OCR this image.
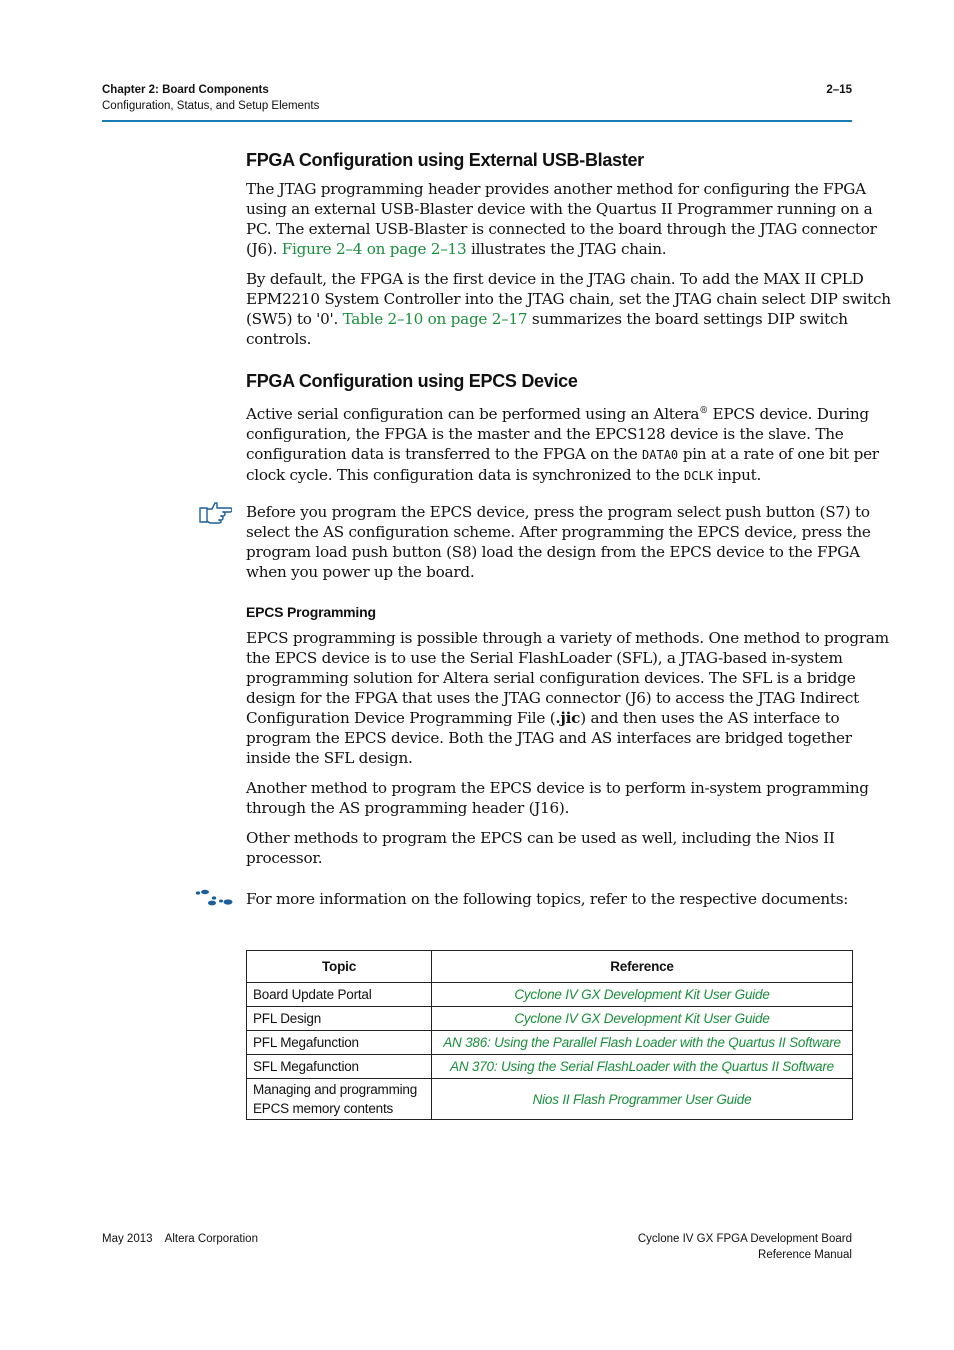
Chapter 2: Board Components
Configuration, Status, and Setup Elements
2–15
FPGA Configuration using External USB-Blaster

The JTAG programming header provides another method for configuring the FPGA
using an external USB-Blaster device with the Quartus II Programmer running on a
PC. The external USB-Blaster is connected to the board through the JTAG connector
(J6). Figure 2–4 on page 2–13 illustrates the JTAG chain.

By default, the FPGA is the first device in the JTAG chain. To add the MAX II CPLD
EPM2210 System Controller into the JTAG chain, set the JTAG chain select DIP switch
(SW5) to '0'. Table 2–10 on page 2–17 summarizes the board settings DIP switch
controls.

FPGA Configuration using EPCS Device

Active serial configuration can be performed using an Altera® EPCS device. During
configuration, the FPGA is the master and the EPCS128 device is the slave. The
configuration data is transferred to the FPGA on the DATA0 pin at a rate of one bit per
clock cycle. This configuration data is synchronized to the DCLK input.

Before you program the EPCS device, press the program select push button (S7) to
select the AS configuration scheme. After programming the EPCS device, press the
program load push button (S8) load the design from the EPCS device to the FPGA
when you power up the board.

EPCS Programming

EPCS programming is possible through a variety of methods. One method to program
the EPCS device is to use the Serial FlashLoader (SFL), a JTAG-based in-system
programming solution for Altera serial configuration devices. The SFL is a bridge
design for the FPGA that uses the JTAG connector (J6) to access the JTAG Indirect
Configuration Device Programming File (.jic) and then uses the AS interface to
program the EPCS device. Both the JTAG and AS interfaces are bridged together
inside the SFL design.

Another method to program the EPCS device is to perform in-system programming
through the AS programming header (J16).

Other methods to program the EPCS can be used as well, including the Nios II
processor.

For more information on the following topics, refer to the respective documents:

Topic	Reference
Board Update Portal	Cyclone IV GX Development Kit User Guide
PFL Design	Cyclone IV GX Development Kit User Guide
PFL Megafunction	AN 386: Using the Parallel Flash Loader with the Quartus II Software
SFL Megafunction	AN 370: Using the Serial FlashLoader with the Quartus II Software

Managing and programming
EPCS memory contents	Nios II Flash Programmer User Guide
May 2013    Altera Corporation	Cyclone IV GX FPGA Development Board
Reference Manual
